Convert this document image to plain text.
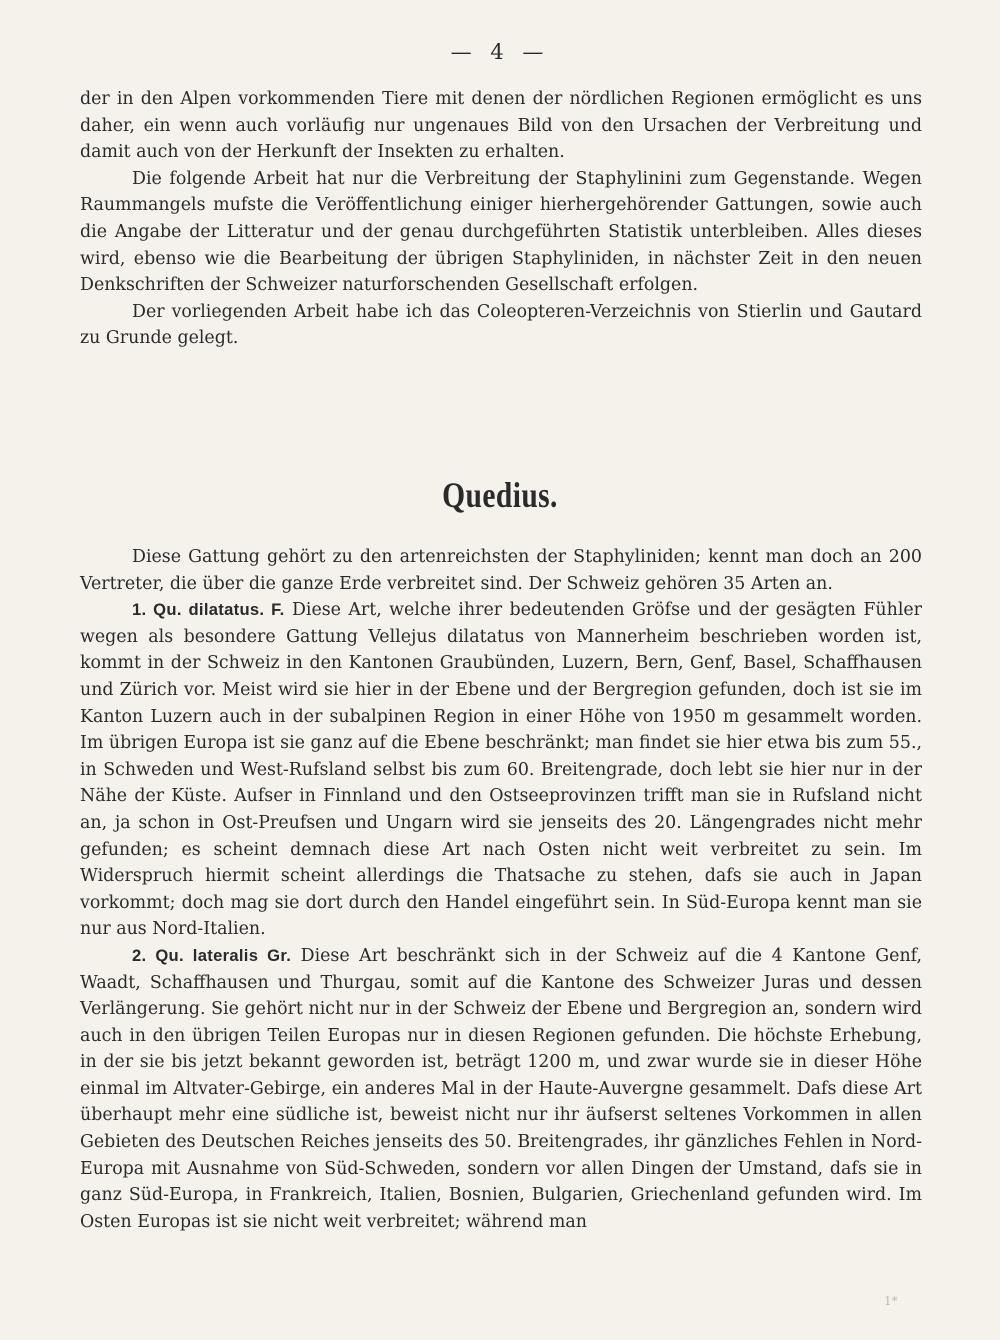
— 4 —

der in den Alpen vorkommenden Tiere mit denen der nördlichen Regionen ermöglicht es uns daher, ein wenn auch vorläufig nur ungenaues Bild von den Ursachen der Verbreitung und damit auch von der Herkunft der Insekten zu erhalten.

Die folgende Arbeit hat nur die Verbreitung der Staphylinini zum Gegenstande. Wegen Raummangels mufste die Veröffentlichung einiger hierhergehörender Gattungen, sowie auch die Angabe der Litteratur und der genau durchgeführten Statistik unterbleiben. Alles dieses wird, ebenso wie die Bearbeitung der übrigen Staphyliniden, in nächster Zeit in den neuen Denkschriften der Schweizer naturforschenden Gesellschaft erfolgen.

Der vorliegenden Arbeit habe ich das Coleopteren-Verzeichnis von Stierlin und Gautard zu Grunde gelegt.

Quedius.

Diese Gattung gehört zu den artenreichsten der Staphyliniden; kennt man doch an 200 Vertreter, die über die ganze Erde verbreitet sind. Der Schweiz gehören 35 Arten an.

1. Qu. dilatatus. F. Diese Art, welche ihrer bedeutenden Gröfse und der gesägten Fühler wegen als besondere Gattung Vellejus dilatatus von Mannerheim beschrieben worden ist, kommt in der Schweiz in den Kantonen Graubünden, Luzern, Bern, Genf, Basel, Schaffhausen und Zürich vor. Meist wird sie hier in der Ebene und der Bergregion gefunden, doch ist sie im Kanton Luzern auch in der subalpinen Region in einer Höhe von 1950 m gesammelt worden. Im übrigen Europa ist sie ganz auf die Ebene beschränkt; man findet sie hier etwa bis zum 55., in Schweden und West-Rufsland selbst bis zum 60. Breitengrade, doch lebt sie hier nur in der Nähe der Küste. Aufser in Finnland und den Ostseeprovinzen trifft man sie in Rufsland nicht an, ja schon in Ost-Preufsen und Ungarn wird sie jenseits des 20. Längengrades nicht mehr gefunden; es scheint demnach diese Art nach Osten nicht weit verbreitet zu sein. Im Widerspruch hiermit scheint allerdings die Thatsache zu stehen, dafs sie auch in Japan vorkommt; doch mag sie dort durch den Handel eingeführt sein. In Süd-Europa kennt man sie nur aus Nord-Italien.

2. Qu. lateralis Gr. Diese Art beschränkt sich in der Schweiz auf die 4 Kantone Genf, Waadt, Schaffhausen und Thurgau, somit auf die Kantone des Schweizer Juras und dessen Verlängerung. Sie gehört nicht nur in der Schweiz der Ebene und Bergregion an, sondern wird auch in den übrigen Teilen Europas nur in diesen Regionen gefunden. Die höchste Erhebung, in der sie bis jetzt bekannt geworden ist, beträgt 1200 m, und zwar wurde sie in dieser Höhe einmal im Altvater-Gebirge, ein anderes Mal in der Haute-Auvergne gesammelt. Dafs diese Art überhaupt mehr eine südliche ist, beweist nicht nur ihr äufserst seltenes Vorkommen in allen Gebieten des Deutschen Reiches jenseits des 50. Breitengrades, ihr gänzliches Fehlen in Nord-Europa mit Ausnahme von Süd-Schweden, sondern vor allen Dingen der Umstand, dafs sie in ganz Süd-Europa, in Frankreich, Italien, Bosnien, Bulgarien, Griechenland gefunden wird. Im Osten Europas ist sie nicht weit verbreitet; während man

1*
